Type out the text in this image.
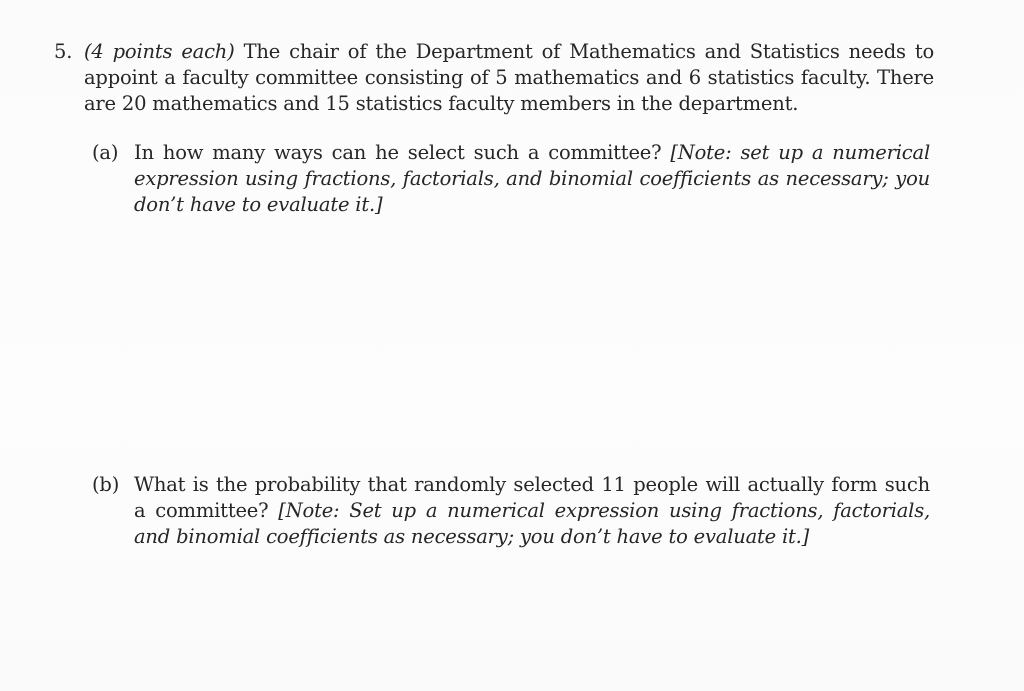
5. (4 points each) The chair of the Department of Mathematics and Statistics needs to appoint a faculty committee consisting of 5 mathematics and 6 statistics faculty. There are 20 mathematics and 15 statistics faculty members in the department.
(a) In how many ways can he select such a committee? [Note: set up a numerical expression using fractions, factorials, and binomial coefficients as necessary; you don’t have to evaluate it.]
(b) What is the probability that randomly selected 11 people will actually form such a committee? [Note: Set up a numerical expression using fractions, factorials, and binomial coefficients as necessary; you don’t have to evaluate it.]
